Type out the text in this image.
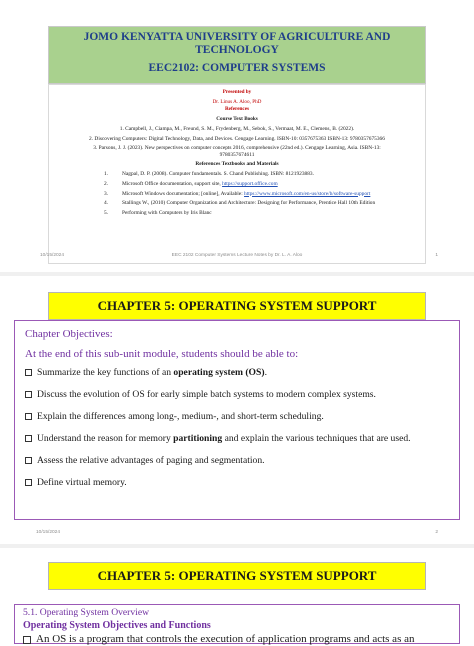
JOMO KENYATTA UNIVERSITY OF AGRICULTURE AND TECHNOLOGY
EEC2102: COMPUTER SYSTEMS
Presented by
Dr. Linus A. Aloo, PhD
References
Course Text Books
1. Campbell, J., Ciampa, M., Freund, S. M., Frydenberg, M., Sebok, S., Vermaat, M. E., Clemens, B. (2022).
2. Discovering Computers: Digital Technology, Data, and Devices. Cengage Learning. ISBN-10: 0357675363 ISBN-13: 9780357675366
3. Parsons, J. J. (2023). New perspectives on computer concepts 2016, comprehensive (22nd ed.). Cengage Learning, Asia. ISBN-13: 9780357674611
References Textbooks and Materials
1.	Nagpal, D. P. (2008). Computer fundamentals. S. Chand Publishing. ISBN: 8121923883.
2.	Microsoft Office documentation, support site, https://support.office.com
3.	Microsoft Windows documentation; [online], Available: https://www.microsoft.com/en-us/store/b/software-support
4.	Stallings W., (2010) Computer Organization and Architecture: Designing for Performance, Prentice Hall 10th Edition
5.	Performing with Computers by Iris Blanc
10/15/2024	EEC 2102 Computer Systems Lecture Notes by Dr. L. A. Aloo	1
CHAPTER 5: OPERATING SYSTEM SUPPORT
Chapter Objectives:
At the end of this sub-unit module, students should be able to:
Summarize the key functions of an operating system (OS).
Discuss the evolution of OS for early simple batch systems to modern complex systems.
Explain the differences among long-, medium-, and short-term scheduling.
Understand the reason for memory partitioning and explain the various techniques that are used.
Assess the relative advantages of paging and segmentation.
Define virtual memory.
10/15/2024	2
CHAPTER 5: OPERATING SYSTEM SUPPORT
5.1. Operating System Overview
Operating System Objectives and Functions
An OS is a program that controls the execution of application programs and acts as an
